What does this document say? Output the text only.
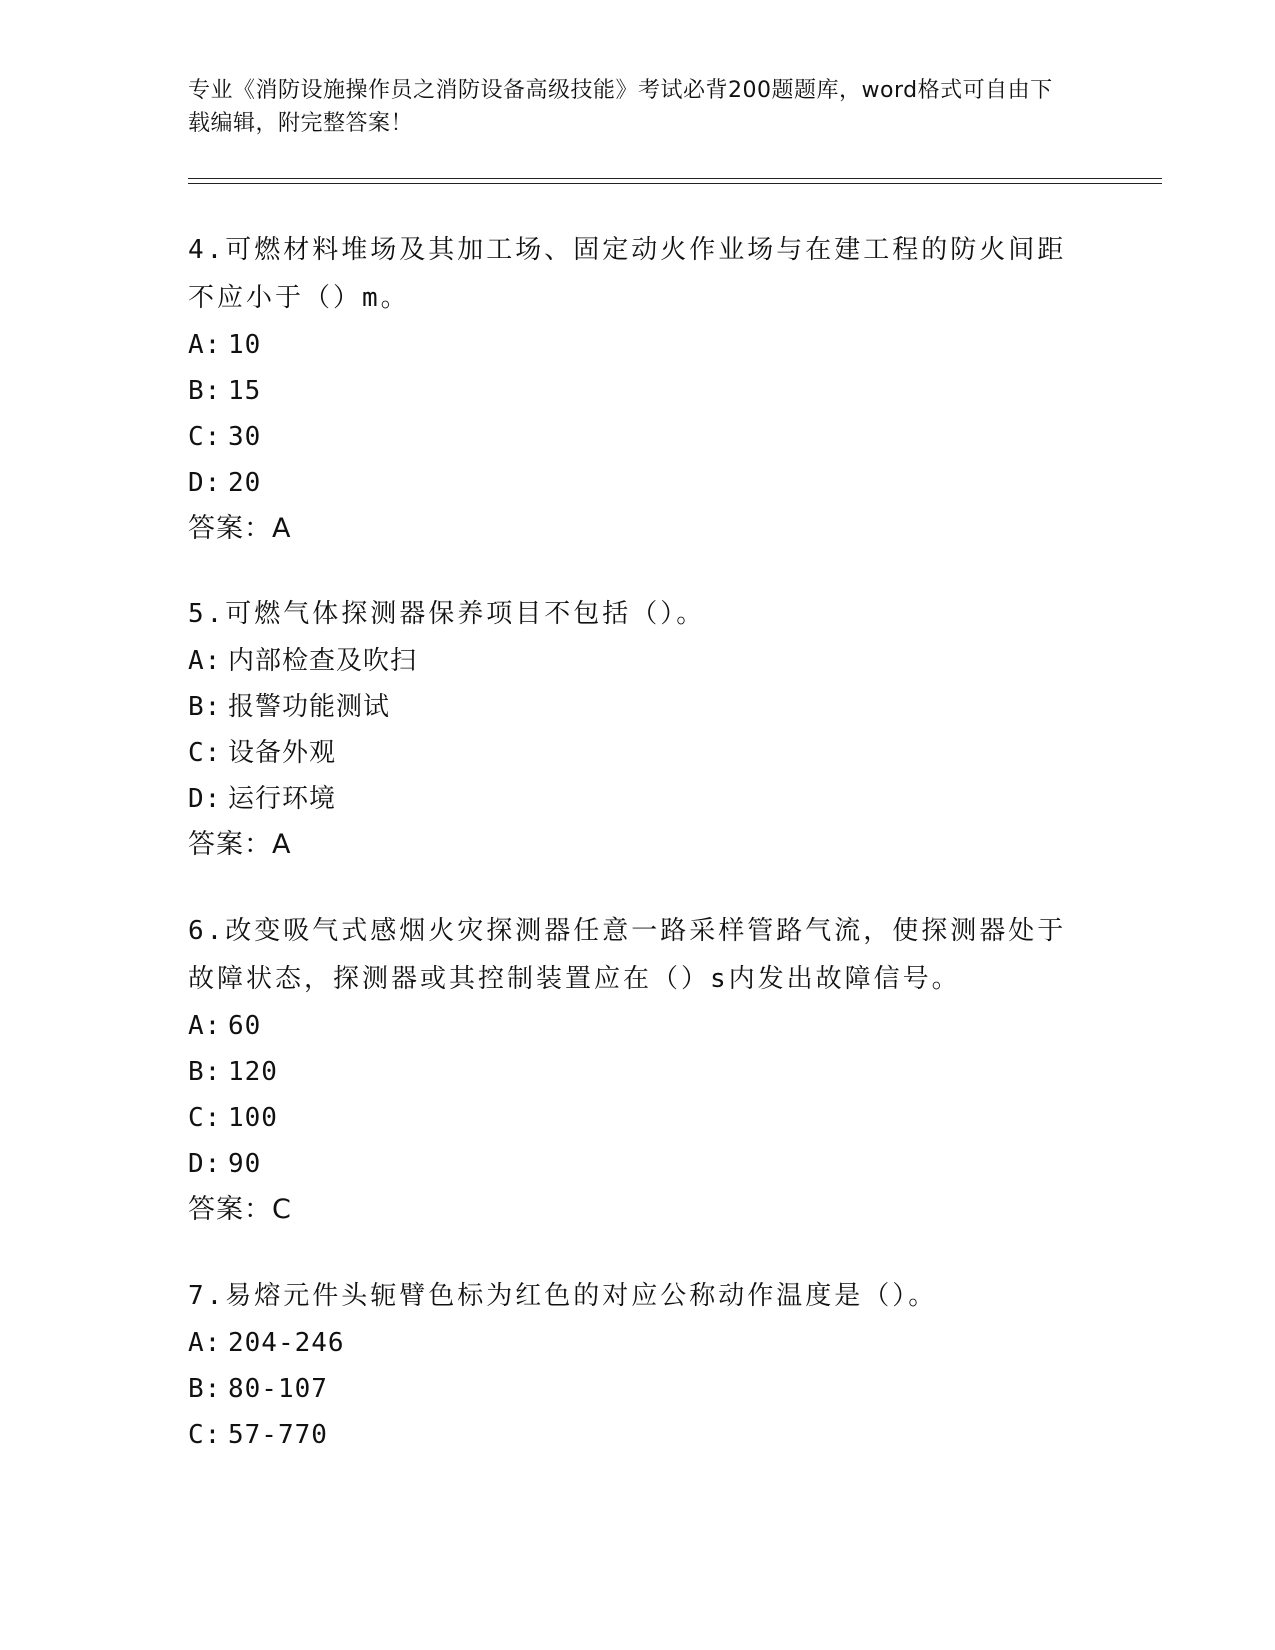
专业《消防设施操作员之消防设备高级技能》考试必背200题题库，word格式可自由下载编辑，附完整答案！

4.可燃材料堆场及其加工场、固定动火作业场与在建工程的防火间距不应小于（）m。

A: 10

B: 15

C: 30

D: 20

答案：A

5.可燃气体探测器保养项目不包括（）。

A: 内部检查及吹扫

B: 报警功能测试

C: 设备外观

D: 运行环境

答案：A

6.改变吸气式感烟火灾探测器任意一路采样管路气流，使探测器处于故障状态，探测器或其控制装置应在（）s内发出故障信号。

A: 60

B: 120

C: 100

D: 90

答案：C

7.易熔元件头轭臂色标为红色的对应公称动作温度是（）。

A: 204-246

B: 80-107

C: 57-770
